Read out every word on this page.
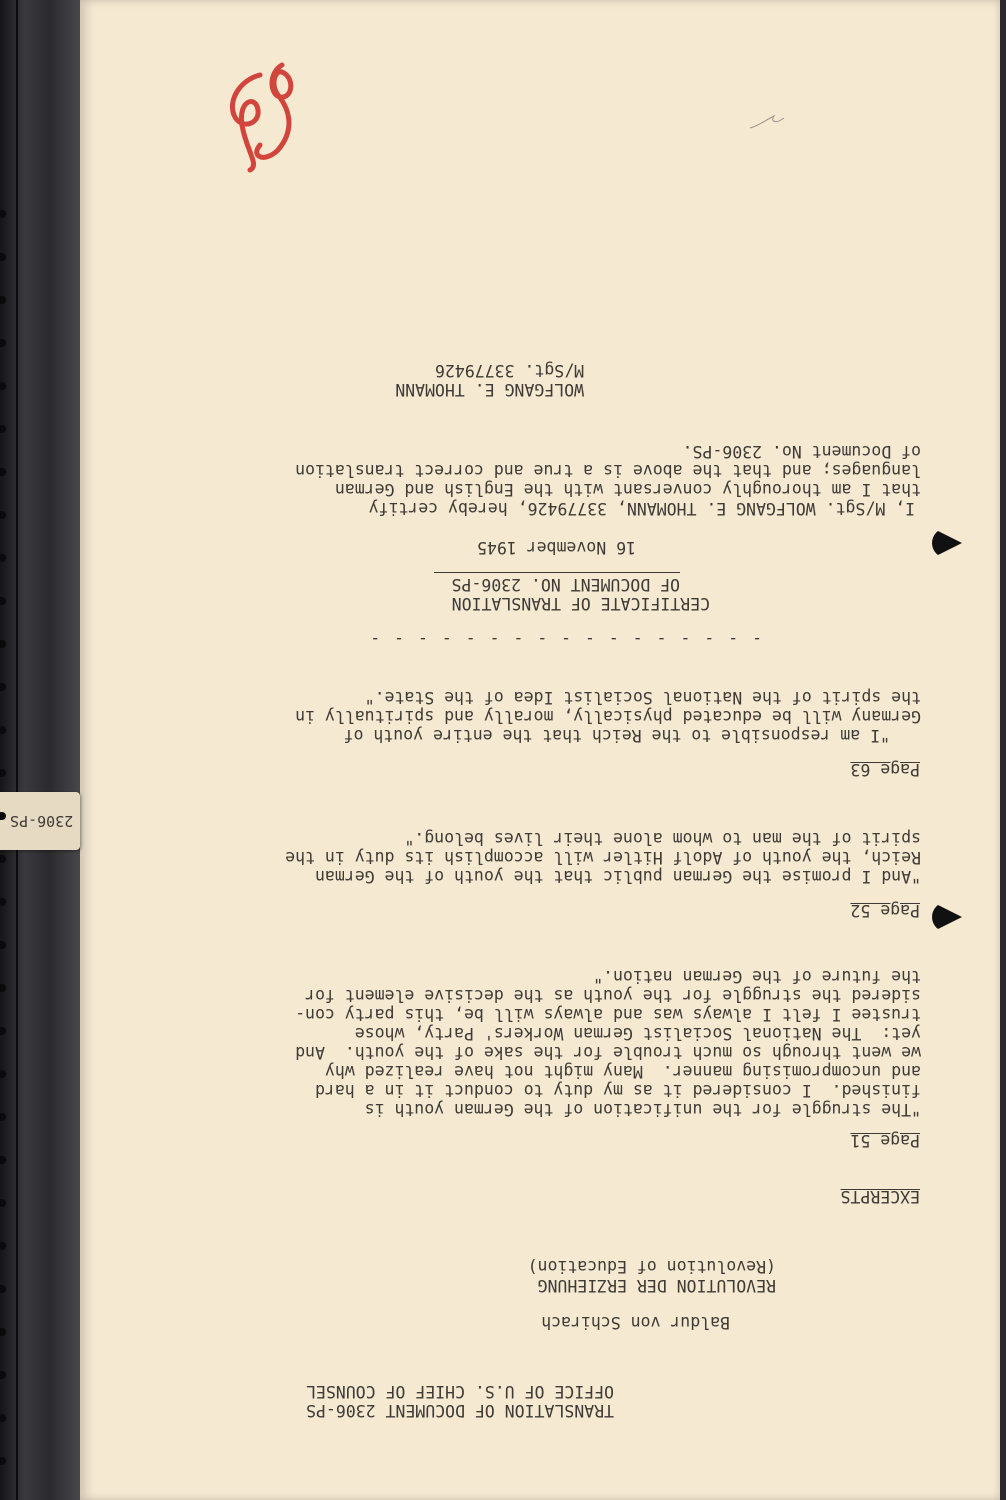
TRANSLATION OF DOCUMENT 2306-PS
OFFICE OF U.S. CHIEF OF COUNSEL
Baldur von Schirach
REVOLUTION DER ERZIEHUNG
(Revolution of Education)
EXCERPTS
Page 51
"The struggle for the unification of the German youth is
finished.  I considered it as my duty to conduct it in a hard
and uncompromising manner.  Many might not have realized why
we went through so much trouble for the sake of the youth.  And
yet:  The National Socialist German Workers' Party, whose
trustee I felt I always was and always will be, this party con-
sidered the struggle for the youth as the decisive element for
the future of the German nation."
Page 52
"And I promise the German public that the youth of the German
Reich, the youth of Adolf Hitler will accomplish its duty in the
spirit of the man to whom alone their lives belong."
Page 63
"I am responsible to the Reich that the entire youth of
Germany will be educated physically, morally and spiritually in
the spirit of the National Socialist Idea of the State."
- - - - - - - - - - - - - - - - -
CERTIFICATE OF TRANSLATION
OF DOCUMENT NO. 2306-PS
16 November 1945
I, M/Sgt. WOLFGANG E. THOMANN, 33779426, hereby certify
that I am thoroughly conversant with the English and German
languages; and that the above is a true and correct translation
of Document No. 2306-PS.
WOLFGANG E. THOMANN
M/Sgt. 33779426
2306-PS
